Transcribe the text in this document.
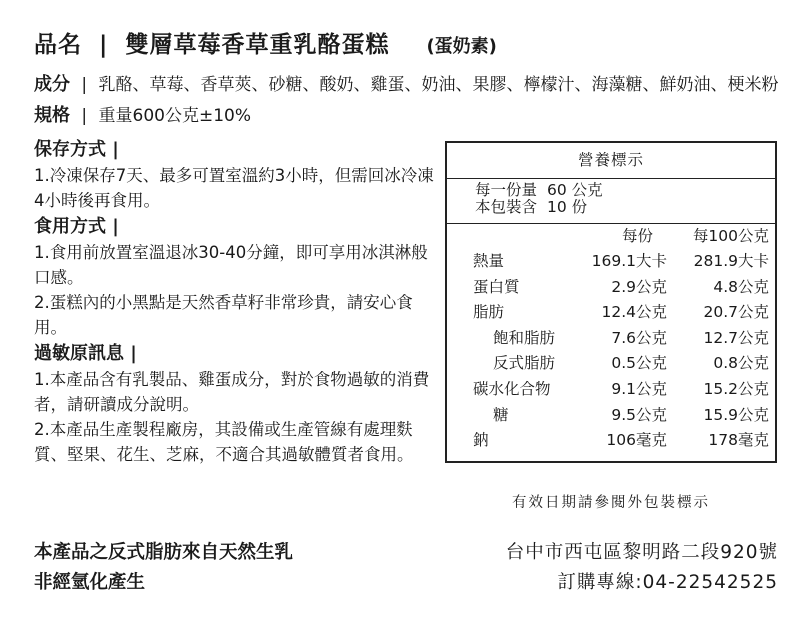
品名 | 雙層草莓香草重乳酪蛋糕 (蛋奶素)
成分 | 乳酪、草莓、香草莢、砂糖、酸奶、雞蛋、奶油、果膠、檸檬汁、海藻糖、鮮奶油、梗米粉
規格 | 重量600公克±10%

保存方式 |

1.冷凍保存7天、最多可置室溫約3小時，但需回冰冷凍4小時後再食用。

食用方式 |

1.食用前放置室溫退冰30-40分鐘，即可享用冰淇淋般口感。

2.蛋糕內的小黑點是天然香草籽非常珍貴，請安心食用。

過敏原訊息 |

1.本產品含有乳製品、雞蛋成分，對於食物過敏的消費者，請研讀成分說明。

2.本產品生產製程廠房，其設備或生產管線有處理麩質、堅果、花生、芝麻，不適合其過敏體質者食用。

營養標示
每一份量 60 公克
本包裝含 10 份
每份	每100公克
熱量	169.1大卡 281.9大卡
蛋白質	2.9公克	4.8公克
脂肪	12.4公克 20.7公克
飽和脂肪	7.6公克 12.7公克
反式脂肪	0.5公克	0.8公克
碳水化合物	9.1公克 15.2公克
糖	9.5公克 15.9公克
鈉	106毫克	178毫克
有效日期請參閱外包裝標示
本產品之反式脂肪來自天然生乳
非經氫化產生
台中市西屯區黎明路二段920號
訂購專線:04-22542525
